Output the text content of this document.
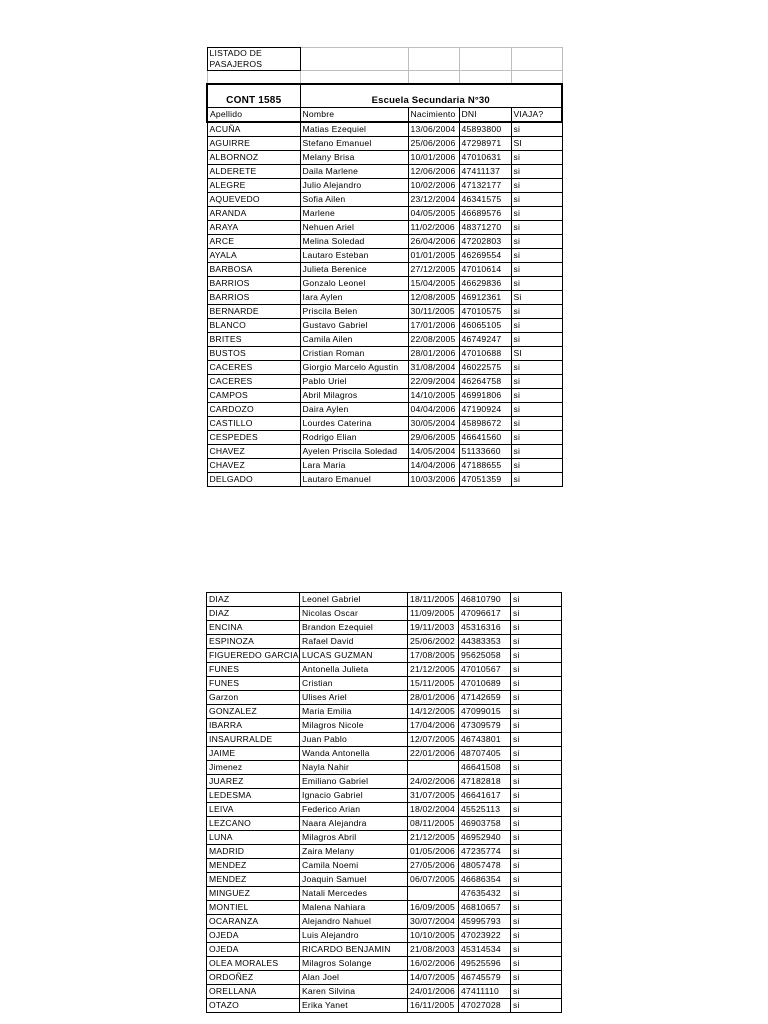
LISTADO DE
PASAJEROS				

CONT 1585	Escuela Secundaria N°30			
Apellido	Nombre	Nacimiento	DNI	VIAJA?
ACUÑA	Matias Ezequiel	13/06/2004	45893800	si
AGUIRRE	Stefano Emanuel	25/06/2006	47298971	SI
ALBORNOZ	Melany Brisa	10/01/2006	47010631	si
ALDERETE	Daila Marlene	12/06/2006	47411137	si
ALEGRE	Julio Alejandro	10/02/2006	47132177	si
AQUEVEDO	Sofia Ailen	23/12/2004	46341575	si
ARANDA	Marlene	04/05/2005	46689576	si
ARAYA	Nehuen Ariel	11/02/2006	48371270	si
ARCE	Melina Soledad	26/04/2006	47202803	si
AYALA	Lautaro Esteban	01/01/2005	46269554	si
BARBOSA	Julieta Berenice	27/12/2005	47010614	si
BARRIOS	Gonzalo Leonel	15/04/2005	46629836	si
BARRIOS	Iara Aylen	12/08/2005	46912361	Si
BERNARDE	Priscila Belen	30/11/2005	47010575	si
BLANCO	Gustavo Gabriel	17/01/2006	46065105	si
BRITES	Camila Ailen	22/08/2005	46749247	si
BUSTOS	Cristian Roman	28/01/2006	47010688	SI
CACERES	Giorgio Marcelo Agustin	31/08/2004	46022575	si
CACERES	Pablo Uriel	22/09/2004	46264758	si
CAMPOS	Abril Milagros	14/10/2005	46991806	si
CARDOZO	Daira Aylen	04/04/2006	47190924	si
CASTILLO	Lourdes Caterina	30/05/2004	45898672	si
CESPEDES	Rodrigo Elian	29/06/2005	46641560	si
CHAVEZ	Ayelen Priscila Soledad	14/05/2004	51133660	si
CHAVEZ	Lara Maria	14/04/2006	47188655	si
DELGADO	Lautaro Emanuel	10/03/2006	47051359	si
DIAZ	Leonel Gabriel	18/11/2005	46810790	si
DIAZ	Nicolas Oscar	11/09/2005	47096617	si
ENCINA	Brandon Ezequiel	19/11/2003	45316316	si
ESPINOZA	Rafael David	25/06/2002	44383353	si
FIGUEREDO GARCIA	LUCAS GUZMAN	17/08/2005	95625058	si
FUNES	Antonella Julieta	21/12/2005	47010567	si
FUNES	Cristian	15/11/2005	47010689	si
Garzon	Ulises Ariel	28/01/2006	47142659	si
GONZALEZ	Maria Emilia	14/12/2005	47099015	si
IBARRA	Milagros Nicole	17/04/2006	47309579	si
INSAURRALDE	Juan Pablo	12/07/2005	46743801	si
JAIME	Wanda Antonella	22/01/2006	48707405	si
Jimenez	Nayla Nahir		46641508	si
JUAREZ	Emiliano Gabriel	24/02/2006	47182818	si
LEDESMA	Ignacio Gabriel	31/07/2005	46641617	si
LEIVA	Federico Arian	18/02/2004	45525113	si
LEZCANO	Naara Alejandra	08/11/2005	46903758	si
LUNA	Milagros Abril	21/12/2005	46952940	si
MADRID	Zaira Melany	01/05/2006	47235774	si
MENDEZ	Camila Noemi	27/05/2006	48057478	si
MENDEZ	Joaquin Samuel	06/07/2005	46686354	si
MINGUEZ	Natali Mercedes		47635432	si
MONTIEL	Malena Nahiara	16/09/2005	46810657	si
OCARANZA	Alejandro Nahuel	30/07/2004	45995793	si
OJEDA	Luis Alejandro	10/10/2005	47023922	si
OJEDA	RICARDO BENJAMIN	21/08/2003	45314534	si
OLEA MORALES	Milagros Solange	16/02/2006	49525596	si
ORDOÑEZ	Alan Joel	14/07/2005	46745579	si
ORELLANA	Karen Silvina	24/01/2006	47411110	si
OTAZO	Erika Yanet	16/11/2005	47027028	si
